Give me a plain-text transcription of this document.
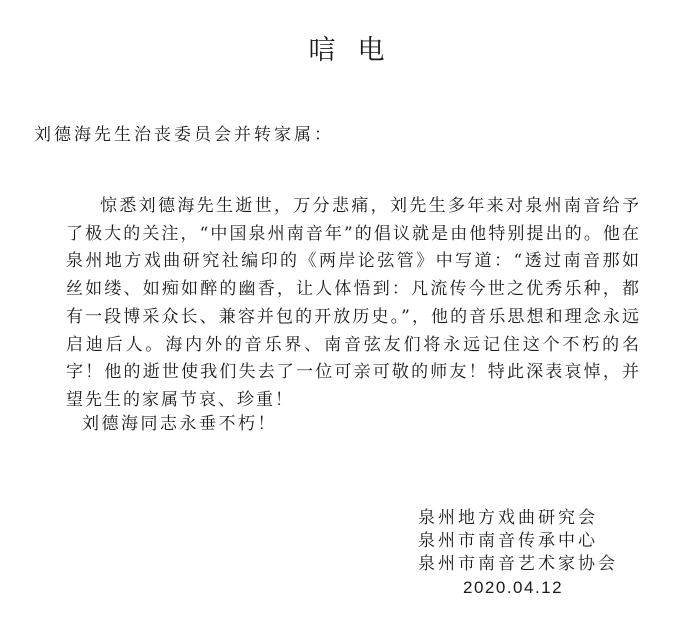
唁电
刘德海先生治丧委员会并转家属：

惊悉刘德海先生逝世，万分悲痛，刘先生多年来对泉州南音给予了极大的关注，“中国泉州南音年”的倡议就是由他特别提出的。他在泉州地方戏曲研究社编印的《两岸论弦管》中写道：“透过南音那如丝如缕、如痴如醉的幽香，让人体悟到：凡流传今世之优秀乐种，都有一段博采众长、兼容并包的开放历史。”，他的音乐思想和理念永远启迪后人。海内外的音乐界、南音弦友们将永远记住这个不朽的名字！他的逝世使我们失去了一位可亲可敬的师友！特此深表哀悼，并望先生的家属节哀、珍重！

刘德海同志永垂不朽！
泉州地方戏曲研究会
泉州市南音传承中心
泉州市南音艺术家协会
2020.04.12
